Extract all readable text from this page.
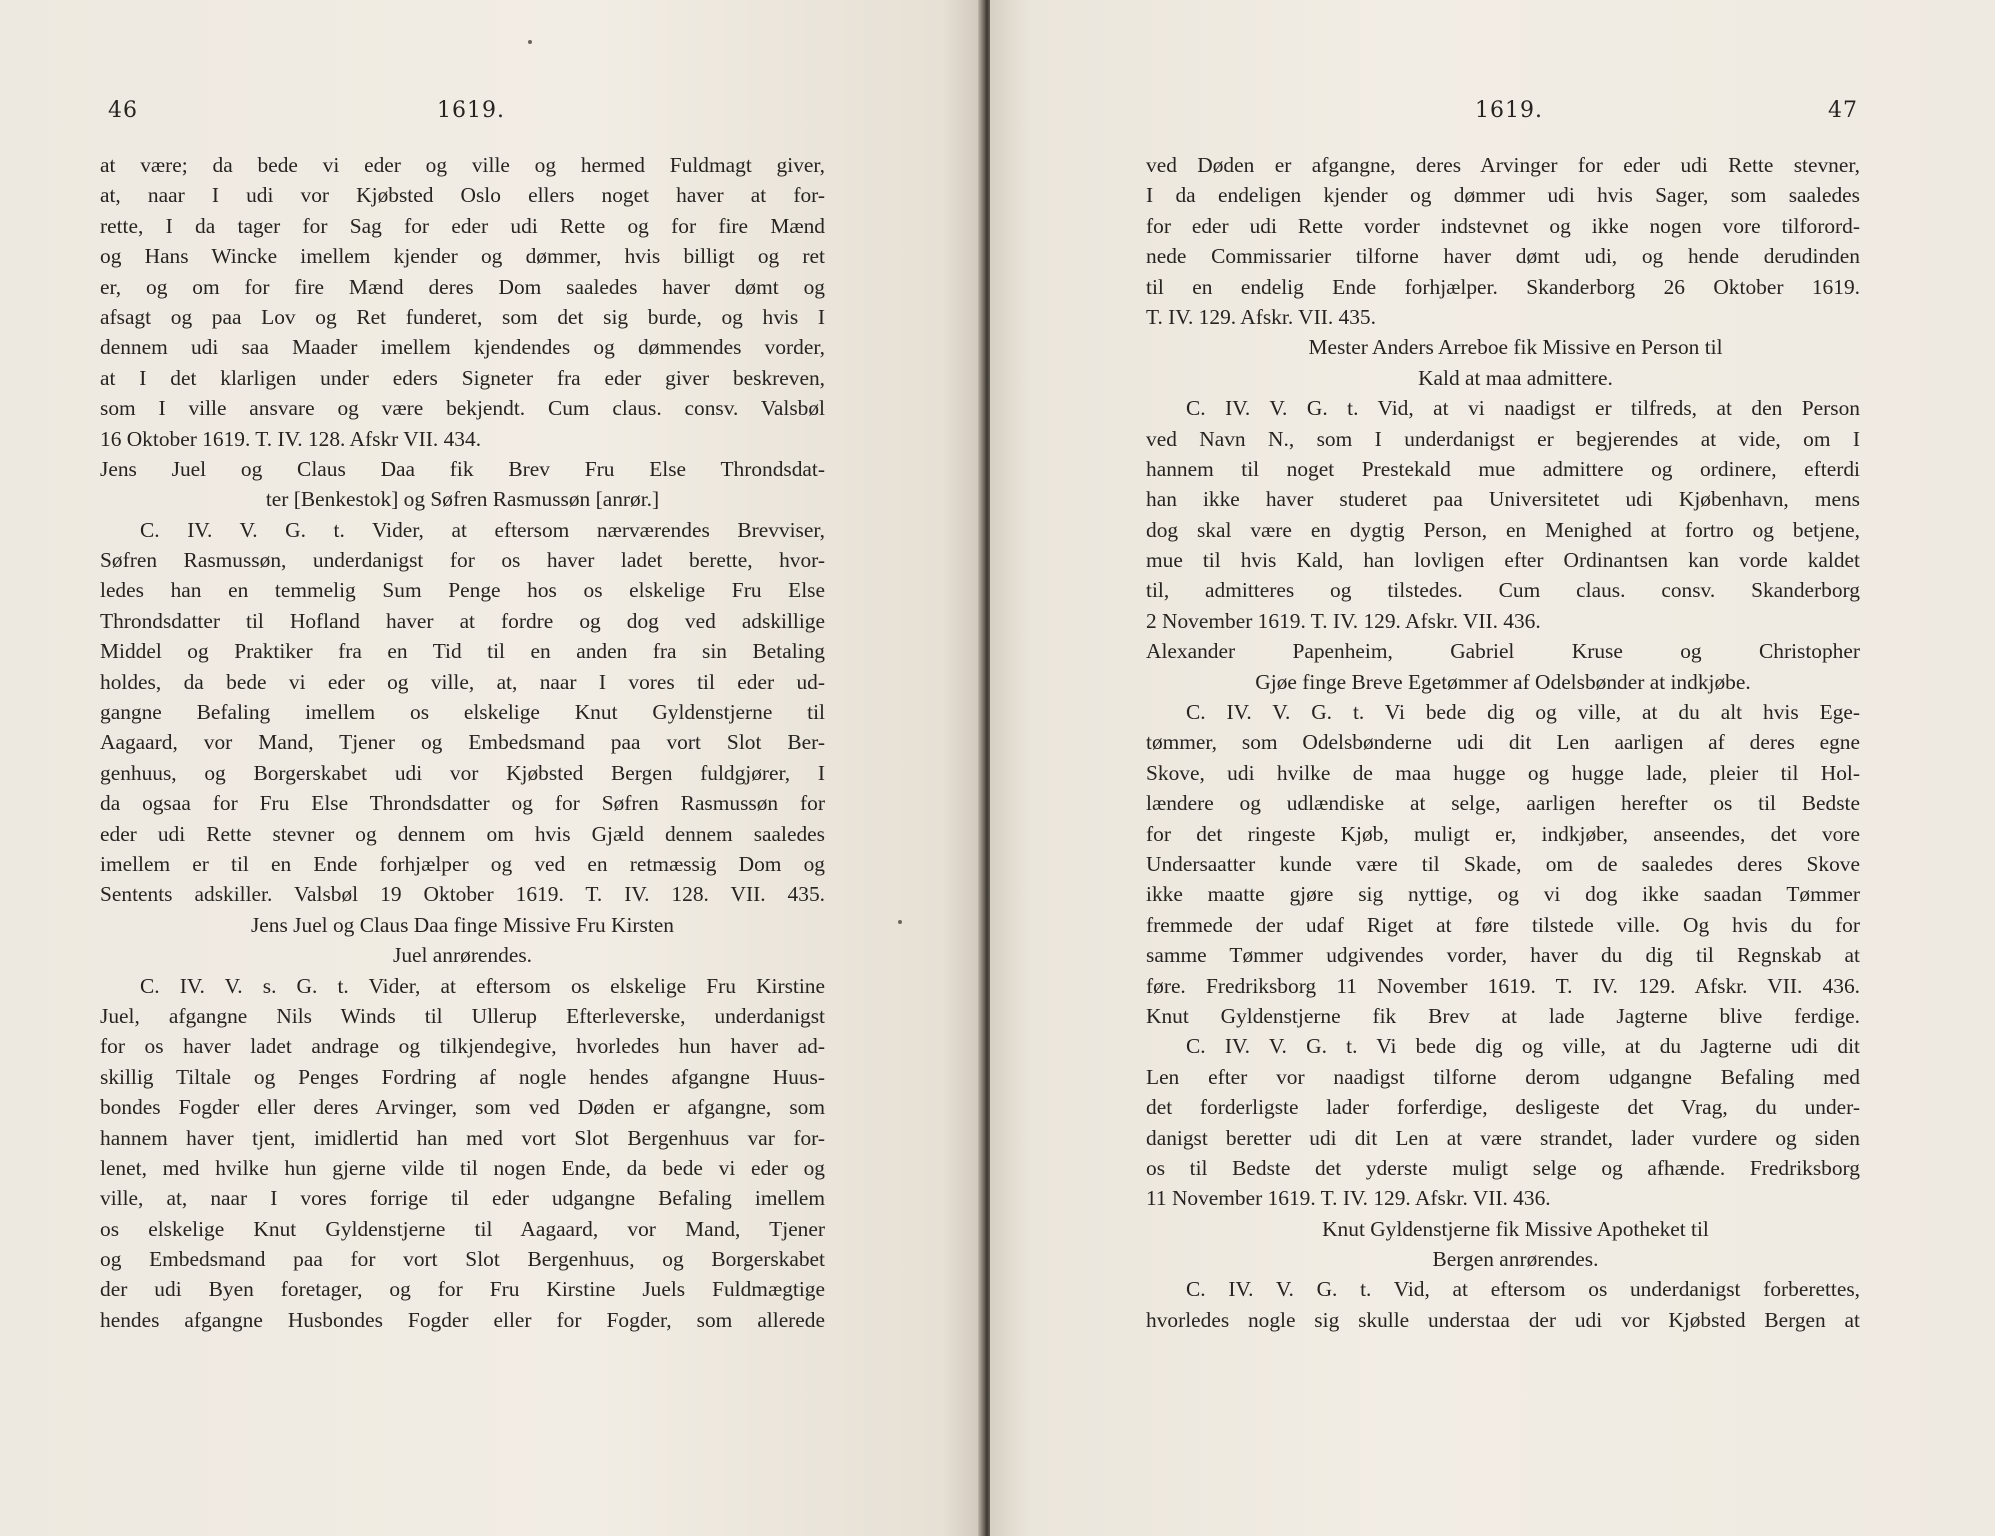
46	1619.
at være; da bede vi eder og ville og hermed Fuldmagt giver,
at, naar I udi vor Kjøbsted Oslo ellers noget haver at for-
rette, I da tager for Sag for eder udi Rette og for fire Mænd
og Hans Wincke imellem kjender og dømmer, hvis billigt og ret
er, og om for fire Mænd deres Dom saaledes haver dømt og
afsagt og paa Lov og Ret funderet, som det sig burde, og hvis I
dennem udi saa Maader imellem kjendendes og dømmendes vorder,
at I det klarligen under eders Signeter fra eder giver beskreven,
som I ville ansvare og være bekjendt. Cum claus. consv. Valsbøl
16 Oktober 1619. T. IV. 128. Afskr VII. 434.
Jens Juel og Claus Daa fik Brev Fru Else Throndsdat-
ter [Benkestok] og Søfren Rasmussøn [anrør.]
C. IV. V. G. t. Vider, at eftersom nærværendes Brevviser,
Søfren Rasmussøn, underdanigst for os haver ladet berette, hvor-
ledes han en temmelig Sum Penge hos os elskelige Fru Else
Throndsdatter til Hofland haver at fordre og dog ved adskillige
Middel og Praktiker fra en Tid til en anden fra sin Betaling
holdes, da bede vi eder og ville, at, naar I vores til eder ud-
gangne Befaling imellem os elskelige Knut Gyldenstjerne til
Aagaard, vor Mand, Tjener og Embedsmand paa vort Slot Ber-
genhuus, og Borgerskabet udi vor Kjøbsted Bergen fuldgjører, I
da ogsaa for Fru Else Throndsdatter og for Søfren Rasmussøn for
eder udi Rette stevner og dennem om hvis Gjæld dennem saaledes
imellem er til en Ende forhjælper og ved en retmæssig Dom og
Sentents adskiller. Valsbøl 19 Oktober 1619. T. IV. 128. VII. 435.
Jens Juel og Claus Daa finge Missive Fru Kirsten
Juel anrørendes.
C. IV. V. s. G. t. Vider, at eftersom os elskelige Fru Kirstine
Juel, afgangne Nils Winds til Ullerup Efterleverske, underdanigst
for os haver ladet andrage og tilkjendegive, hvorledes hun haver ad-
skillig Tiltale og Penges Fordring af nogle hendes afgangne Huus-
bondes Fogder eller deres Arvinger, som ved Døden er afgangne, som
hannem haver tjent, imidlertid han med vort Slot Bergenhuus var for-
lenet, med hvilke hun gjerne vilde til nogen Ende, da bede vi eder og
ville, at, naar I vores forrige til eder udgangne Befaling imellem
os elskelige Knut Gyldenstjerne til Aagaard, vor Mand, Tjener
og Embedsmand paa for vort Slot Bergenhuus, og Borgerskabet
der udi Byen foretager, og for Fru Kirstine Juels Fuldmægtige
hendes afgangne Husbondes Fogder eller for Fogder, som allerede
1619.	47
ved Døden er afgangne, deres Arvinger for eder udi Rette stevner,
I da endeligen kjender og dømmer udi hvis Sager, som saaledes
for eder udi Rette vorder indstevnet og ikke nogen vore tilforord-
nede Commissarier tilforne haver dømt udi, og hende derudinden
til en endelig Ende forhjælper. Skanderborg 26 Oktober 1619.
T. IV. 129. Afskr. VII. 435.
Mester Anders Arreboe fik Missive en Person til
Kald at maa admittere.
C. IV. V. G. t. Vid, at vi naadigst er tilfreds, at den Person
ved Navn N., som I underdanigst er begjerendes at vide, om I
hannem til noget Prestekald mue admittere og ordinere, efterdi
han ikke haver studeret paa Universitetet udi Kjøbenhavn, mens
dog skal være en dygtig Person, en Menighed at fortro og betjene,
mue til hvis Kald, han lovligen efter Ordinantsen kan vorde kaldet
til, admitteres og tilstedes. Cum claus. consv. Skanderborg
2 November 1619. T. IV. 129. Afskr. VII. 436.
Alexander Papenheim, Gabriel Kruse og Christopher
Gjøe finge Breve Egetømmer af Odelsbønder at indkjøbe.
C. IV. V. G. t. Vi bede dig og ville, at du alt hvis Ege-
tømmer, som Odelsbønderne udi dit Len aarligen af deres egne
Skove, udi hvilke de maa hugge og hugge lade, pleier til Hol-
lændere og udlændiske at selge, aarligen herefter os til Bedste
for det ringeste Kjøb, muligt er, indkjøber, anseendes, det vore
Undersaatter kunde være til Skade, om de saaledes deres Skove
ikke maatte gjøre sig nyttige, og vi dog ikke saadan Tømmer
fremmede der udaf Riget at føre tilstede ville. Og hvis du for
samme Tømmer udgivendes vorder, haver du dig til Regnskab at
føre. Fredriksborg 11 November 1619. T. IV. 129. Afskr. VII. 436.
Knut Gyldenstjerne fik Brev at lade Jagterne blive ferdige.
C. IV. V. G. t. Vi bede dig og ville, at du Jagterne udi dit
Len efter vor naadigst tilforne derom udgangne Befaling med
det forderligste lader forferdige, desligeste det Vrag, du under-
danigst beretter udi dit Len at være strandet, lader vurdere og siden
os til Bedste det yderste muligt selge og afhænde. Fredriksborg
11 November 1619. T. IV. 129. Afskr. VII. 436.
Knut Gyldenstjerne fik Missive Apotheket til
Bergen anrørendes.
C. IV. V. G. t. Vid, at eftersom os underdanigst forberettes,
hvorledes nogle sig skulle understaa der udi vor Kjøbsted Bergen at
